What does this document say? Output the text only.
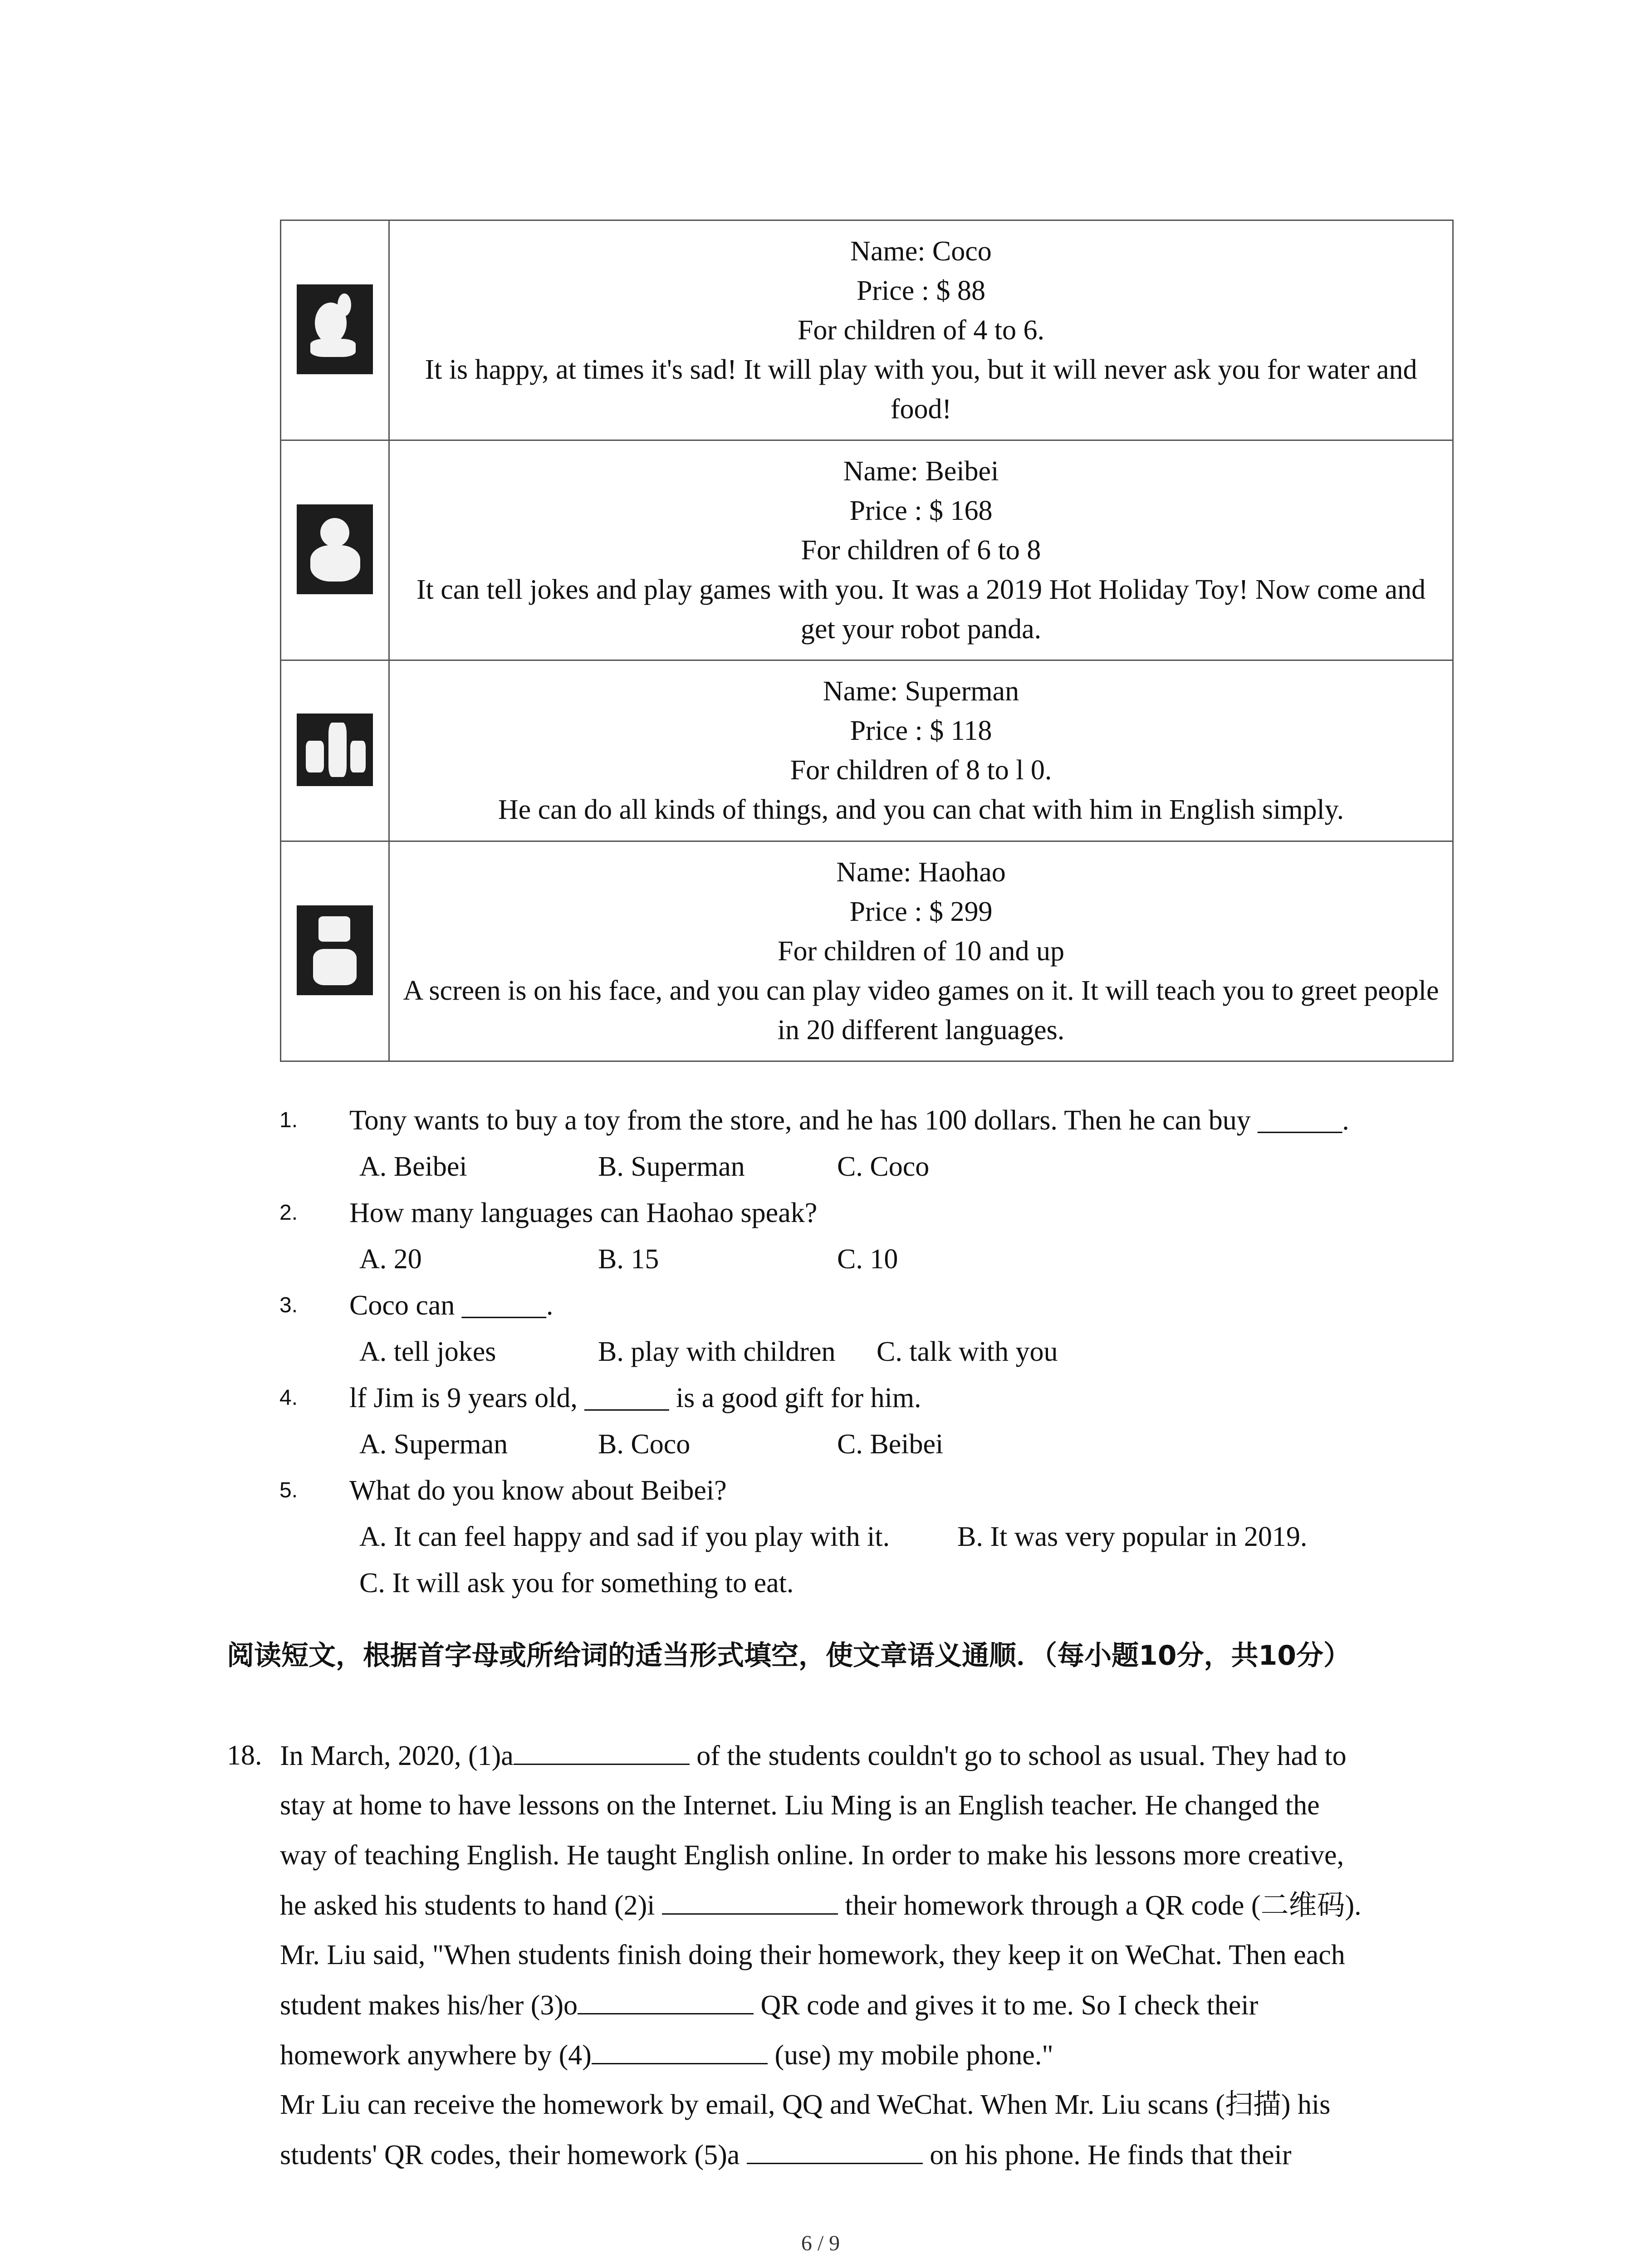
	Name: Coco
Price : $ 88
For children of 4 to 6.
It is happy, at times it's sad! It will play with you, but it will never ask you for water and food!

	Name: Beibei
Price : $ 168
For children of 6 to 8
It can tell jokes and play games with you. It was a 2019 Hot Holiday Toy! Now come and get your robot panda.

	Name: Superman
Price : $ 118
For children of 8 to l 0.
He can do all kinds of things, and you can chat with him in English simply.

	Name: Haohao
Price : $ 299
For children of 10 and up
A screen is on his face, and you can play video games on it. It will teach you to greet people in 20 different languages.
1. Tony wants to buy a toy from the store, and he has 100 dollars. Then he can buy ______.
A. Beibei	B. Superman	C. Coco
2. How many languages can Haohao speak?
A. 20	B. 15	C. 10
3. Coco can ______.
A. tell jokes	B. play with children C. talk with you
4. lf Jim is 9 years old, ______ is a good gift for him.
A. Superman	B. Coco	C. Beibei
5. What do you know about Beibei?
A. It can feel happy and sad if you play with it. B. It was very popular in 2019.
C. It will ask you for something to eat.
阅读短文，根据首字母或所给词的适当形式填空，使文章语义通顺．（每小题10分，共10分）
18. In March, 2020, (1)a	of the students couldn't go to school as usual. They had to
stay at home to have lessons on the Internet. Liu Ming is an English teacher. He changed the
way of teaching English. He taught English online. In order to make his lessons more creative,
he asked his students to hand (2)i	their homework through a QR code (二维码).
Mr. Liu said, "When students finish doing their homework, they keep it on WeChat. Then each
student makes his/her (3)o	QR code and gives it to me. So I check their
homework anywhere by (4)	(use) my mobile phone."
Mr Liu can receive the homework by email, QQ and WeChat. When Mr. Liu scans (扫描) his
students' QR codes, their homework (5)a	on his phone. He finds that their
6 / 9
